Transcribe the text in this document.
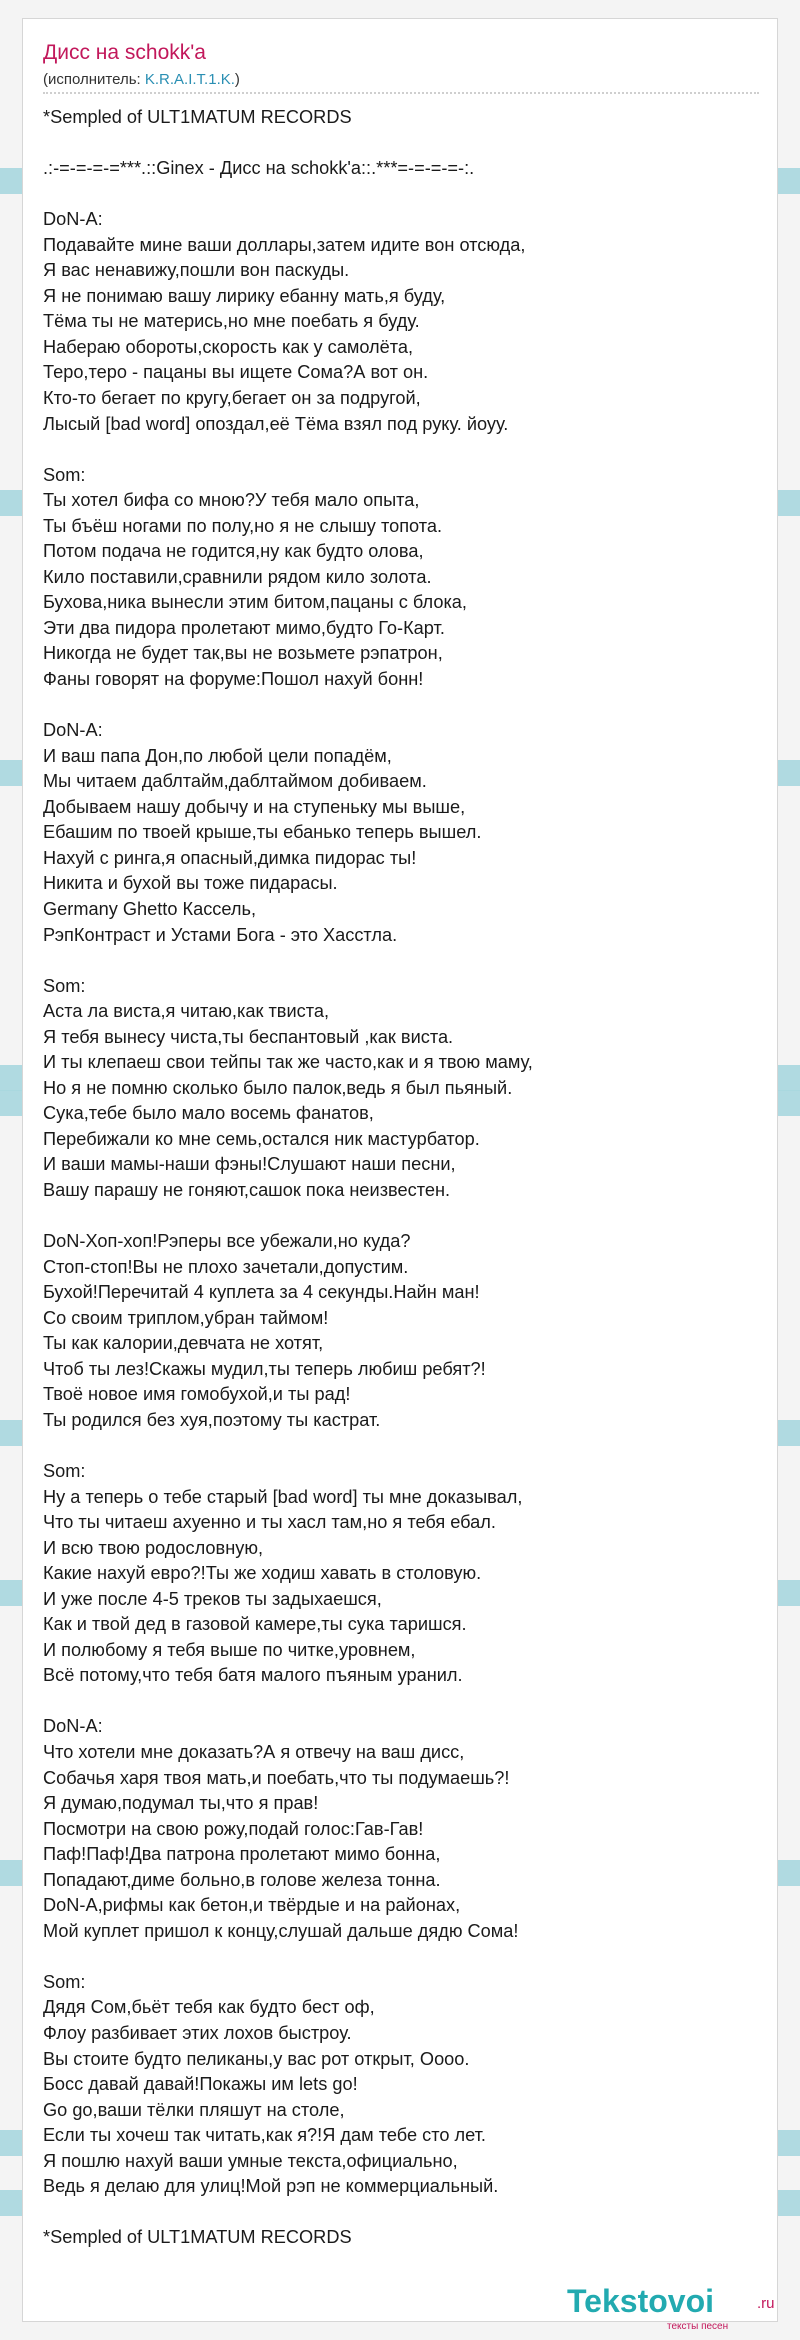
Дисс на schokk'a
(исполнитель: K.R.A.I.T.1.K.)
*Sempled of ULT1MATUM RECORDS
.:-=-=-=-=***.::Ginex - Дисс на schokk'a::.***=-=-=-=-:.
DoN-A:
Подавайте мине ваши доллары,затем идите вон отсюда,
Я вас ненавижу,пошли вон паскуды.
Я не понимаю вашу лирику ебанну мать,я буду,
Тёма ты не матерись,но мне поебать я буду.
Набераю обороты,скорость как у самолёта,
Теро,теро - пацаны вы ищете Сома?А вот он.
Кто-то бегает по кругу,бегает он за подругой,
Лысый [bad word] опоздал,её Тёма взял под руку. йоуу.
Som:
Ты хотел бифа со мною?У тебя мало опыта,
Ты бъёш ногами по полу,но я не слышу топота.
Потом подача не годится,ну как будто олова,
Кило поставили,сравнили рядом кило золота.
Бухова,ника вынесли этим битом,пацаны с блока,
Эти два пидора пролетают мимо,будто Го-Карт.
Никогда не будет так,вы не возьмете рэпатрон,
Фаны говорят на форуме:Пошол нахуй бонн!
DoN-A:
И ваш папа Дон,по любой цели попадём,
Мы читаем даблтайм,даблтаймом добиваем.
Добываем нашу добычу и на ступеньку мы выше,
Ебашим по твоей крыше,ты ебанько теперь вышел.
Нахуй с ринга,я опасный,димка пидорас ты!
Никита и бухой вы тоже пидарасы.
Germany Ghetto Кассель,
РэпКонтраст и Устами Бога - это Хасстла.
Som:
Аста ла виста,я читаю,как твиста,
Я тебя вынесу чиста,ты беспантовый ,как виста.
И ты клепаеш свои тейпы так же часто,как и я твою маму,
Но я не помню сколько было палок,ведь я был пьяный.
Сука,тебе было мало восемь фанатов,
Перебижали ко мне семь,остался ник мастурбатор.
И ваши мамы-наши фэны!Слушают наши песни,
Вашу парашу не гоняют,сашок пока неизвестен.
DoN-Хоп-хоп!Рэперы все убежали,но куда?
Стоп-стоп!Вы не плохо зачетали,допустим.
Бухой!Перечитай 4 куплета за 4 секунды.Найн ман!
Со своим триплом,убран таймом!
Ты как калории,девчата не хотят,
Чтоб ты лез!Скажы мудил,ты теперь любиш ребят?!
Твоё новое имя гомобухой,и ты рад!
Ты родился без хуя,поэтому ты кастрат.
Som:
Ну а теперь о тебе старый [bad word] ты мне доказывал,
Что ты читаеш ахуенно и ты хасл там,но я тебя ебал.
И всю твою родословную,
Какие нахуй евро?!Ты же ходиш хавать в столовую.
И уже после 4-5 треков ты задыхаешся,
Как и твой дед в газовой камере,ты сука таришся.
И полюбому я тебя выше по читке,уровнем,
Всё потому,что тебя батя малого пъяным уранил.
DoN-A:
Что хотели мне доказать?А я отвечу на ваш дисс,
Собачья харя твоя мать,и поебать,что ты подумаешь?!
Я думаю,подумал ты,что я прав!
Посмотри на свою рожу,подай голос:Гав-Гав!
Паф!Паф!Два патрона пролетают мимо бонна,
Попадают,диме больно,в голове железа тонна.
DoN-A,рифмы как бетон,и твёрдые и на районах,
Мой куплет пришол к концу,слушай дальше дядю Сома!
Som:
Дядя Сом,бьёт тебя как будто бест оф,
Флоу разбивает этих лохов быстроу.
Вы стоите будто пеликаны,у вас рот открыт, Оооо.
Босс давай давай!Покажы им lets go!
Go go,ваши тёлки пляшут на столе,
Если ты хочеш так читать,как я?!Я дам тебе сто лет.
Я пошлю нахуй ваши умные текста,официально,
Ведь я делаю для улиц!Мой рэп не коммерциальный.
*Sempled of ULT1MATUM RECORDS
Tekstovoi	.ru
тексты песен
